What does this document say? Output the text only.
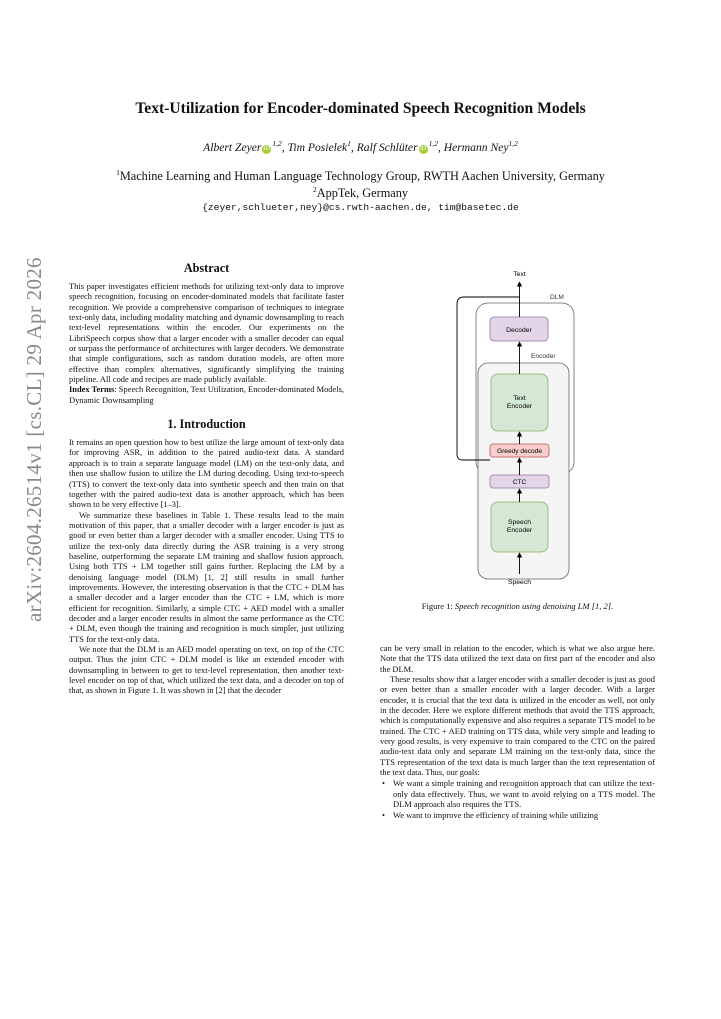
arXiv:2604.26514v1 [cs.CL] 29 Apr 2026
Text-Utilization for Encoder-dominated Speech Recognition Models
Albert Zeyer iD$^{1,2}$, Tim Posielek$^1$, Ralf Schlüter iD$^{1,2}$, Hermann Ney$^{1,2}$
$^1$Machine Learning and Human Language Technology Group, RWTH Aachen University, Germany
$^2$AppTek, Germany
{zeyer,schlueter,ney}@cs.rwth-aachen.de, tim@basetec.de
Abstract

This paper investigates efficient methods for utilizing text-only data to improve speech recognition, focusing on encoder-dominated models that facilitate faster recognition. We provide a comprehensive comparison of techniques to integrate text-only data, including modality matching and dynamic downsampling to reach text-level representations within the encoder. Our experiments on the LibriSpeech corpus show that a larger encoder with a smaller decoder can equal or surpass the performance of architectures with larger decoders. We demonstrate that simple configurations, such as random duration models, are often more effective than complex alternatives, significantly simplifying the training pipeline. All code and recipes are made publicly available.

Index Terms: Speech Recognition, Text Utilization, Encoder-dominated Models, Dynamic Downsampling

1. Introduction

It remains an open question how to best utilize the large amount of text-only data for improving ASR, in addition to the paired audio-text data. A standard approach is to train a separate language model (LM) on the text-only data, and then use shallow fusion to utilize the LM during decoding. Using text-to-speech (TTS) to convert the text-only data into synthetic speech and then train on that together with the paired audio-text data is another approach, which has been shown to be very effective [1–3].

We summarize these baselines in Table 1. These results lead to the main motivation of this paper, that a smaller decoder with a larger encoder is just as good or even better than a larger decoder with a smaller encoder. Using TTS to utilize the text-only data directly during the ASR training is a very strong baseline, outperforming the separate LM training and shallow fusion approach. Using both TTS + LM together still gains further. Replacing the LM by a denoising language model (DLM) [1, 2] still results in small further improvements. However, the interesting observation is that the CTC + DLM has a smaller decoder and a larger encoder than the CTC + LM, which is more efficient for recognition. Similarly, a simple CTC + AED model with a smaller decoder and a larger encoder results in almost the same performance as the CTC + DLM, even though the training and recognition is much simpler, just utilizing TTS for the text-only data.

We note that the DLM is an AED model operating on text, on top of the CTC output. Thus the joint CTC + DLM model is like an extended encoder with downsampling in between to get to text-level representation, then another text-level encoder on top of that, which utilized the text data, and a decoder on top of that, as shown in Figure 1. It was shown in [2] that the decoder

DLM
Encoder
Decoder
Text
Encoder
Greedy decode
CTC
Speech
Encoder
Text
Speech
Figure 1: Speech recognition using denoising LM [1, 2].

can be very small in relation to the encoder, which is what we also argue here. Note that the TTS data utilized the text data on first part of the encoder and also the DLM.

These results show that a larger encoder with a smaller decoder is just as good or even better than a smaller encoder with a larger decoder. With a larger encoder, it is crucial that the text data is utilized in the encoder as well, not only in the decoder. Here we explore different methods that avoid the TTS approach, which is computationally expensive and also requires a separate TTS model to be trained. The CTC + AED training on TTS data, while very simple and leading to very good results, is very expensive to train compared to the CTC on the paired audio-text data only and separate LM training on the text-only data, since the TTS representation of the text data is much larger than the text representation of the text data. Thus, our goals:

• We want a simple training and recognition approach that can utilize the text-only data effectively. Thus, we want to avoid relying on a TTS model. The DLM approach also requires the TTS.
• We want to improve the efficiency of training while utilizing
